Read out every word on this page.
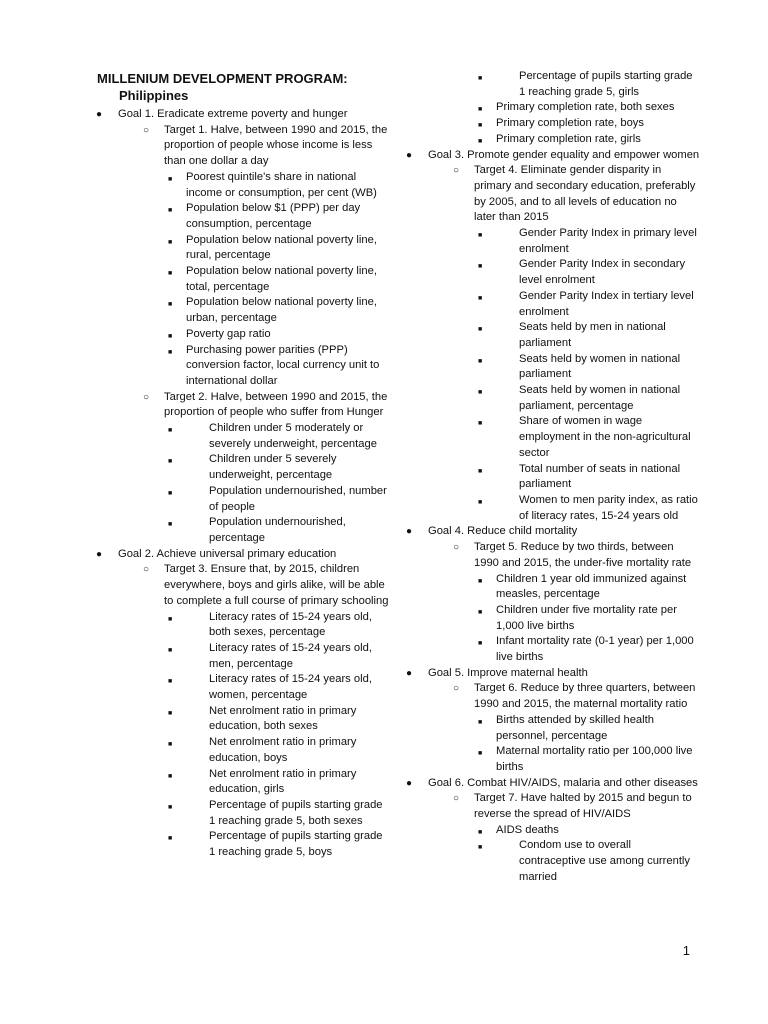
MILLENIUM DEVELOPMENT PROGRAM:
Philippines
● Goal 1. Eradicate extreme poverty and hunger
○ Target 1. Halve, between 1990 and 2015, the proportion of people whose income is less than one dollar a day
■ Poorest quintile's share in national income or consumption, per cent (WB)
■ Population below $1 (PPP) per day consumption, percentage
■ Population below national poverty line, rural, percentage
■ Population below national poverty line, total, percentage
■ Population below national poverty line, urban, percentage
■ Poverty gap ratio
■ Purchasing power parities (PPP) conversion factor, local currency unit to international dollar
○ Target 2. Halve, between 1990 and 2015, the proportion of people who suffer from Hunger
■	Children under 5 moderately or severely underweight, percentage
■	Children under 5 severely underweight, percentage
■	Population undernourished, number of people
■	Population undernourished, percentage
● Goal 2. Achieve universal primary education
○ Target 3. Ensure that, by 2015, children everywhere, boys and girls alike, will be able to complete a full course of primary schooling
■	Literacy rates of 15-24 years old, both sexes, percentage
■	Literacy rates of 15-24 years old, men, percentage
■	Literacy rates of 15-24 years old, women, percentage
■	Net enrolment ratio in primary education, both sexes
■	Net enrolment ratio in primary education, boys
■	Net enrolment ratio in primary education, girls
■	Percentage of pupils starting grade 1 reaching grade 5, both sexes
■	Percentage of pupils starting grade 1 reaching grade 5, boys
■	Percentage of pupils starting grade 1 reaching grade 5, girls
■ Primary completion rate, both sexes
■ Primary completion rate, boys
■ Primary completion rate, girls
● Goal 3. Promote gender equality and empower women
○ Target 4. Eliminate gender disparity in primary and secondary education, preferably by 2005, and to all levels of education no later than 2015
■	Gender Parity Index in primary level enrolment
■	Gender Parity Index in secondary level enrolment
■	Gender Parity Index in tertiary level enrolment
■	Seats held by men in national parliament
■	Seats held by women in national parliament
■	Seats held by women in national parliament, percentage
■	Share of women in wage employment in the non-agricultural sector
■	Total number of seats in national parliament
■	Women to men parity index, as ratio of literacy rates, 15-24 years old
● Goal 4. Reduce child mortality
○ Target 5. Reduce by two thirds, between 1990 and 2015, the under-five mortality rate
■ Children 1 year old immunized against measles, percentage
■ Children under five mortality rate per 1,000 live births
■ Infant mortality rate (0-1 year) per 1,000 live births
● Goal 5. Improve maternal health
○ Target 6. Reduce by three quarters, between 1990 and 2015, the maternal mortality ratio
■ Births attended by skilled health personnel, percentage
■ Maternal mortality ratio per 100,000 live births
● Goal 6. Combat HIV/AIDS, malaria and other diseases
○ Target 7. Have halted by 2015 and begun to reverse the spread of HIV/AIDS
■ AIDS deaths
■	Condom use to overall contraceptive use among currently married
1
